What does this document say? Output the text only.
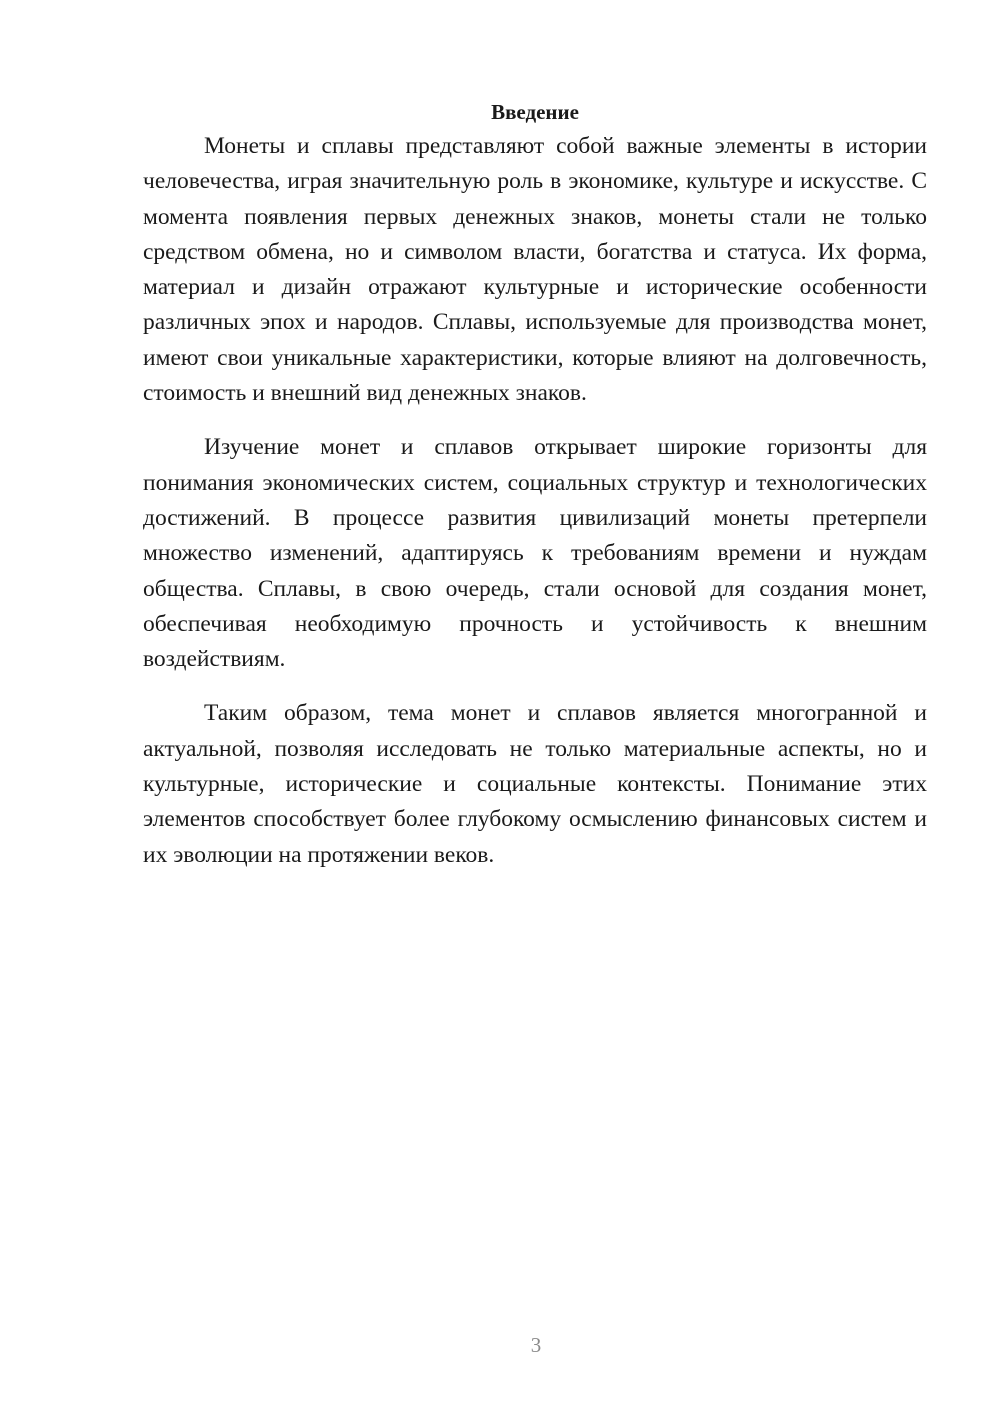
Введение

Монеты и сплавы представляют собой важные элементы в истории человечества, играя значительную роль в экономике, культуре и искусстве. С момента появления первых денежных знаков, монеты стали не только средством обмена, но и символом власти, богатства и статуса. Их форма, материал и дизайн отражают культурные и исторические особенности различных эпох и народов. Сплавы, используемые для производства монет, имеют свои уникальные характеристики, которые влияют на долговечность, стоимость и внешний вид денежных знаков.

Изучение монет и сплавов открывает широкие горизонты для понимания экономических систем, социальных структур и технологических достижений. В процессе развития цивилизаций монеты претерпели множество изменений, адаптируясь к требованиям времени и нуждам общества. Сплавы, в свою очередь, стали основой для создания монет, обеспечивая необходимую прочность и устойчивость к внешним воздействиям.

Таким образом, тема монет и сплавов является многогранной и актуальной, позволяя исследовать не только материальные аспекты, но и культурные, исторические и социальные контексты. Понимание этих элементов способствует более глубокому осмыслению финансовых систем и их эволюции на протяжении веков.

3
